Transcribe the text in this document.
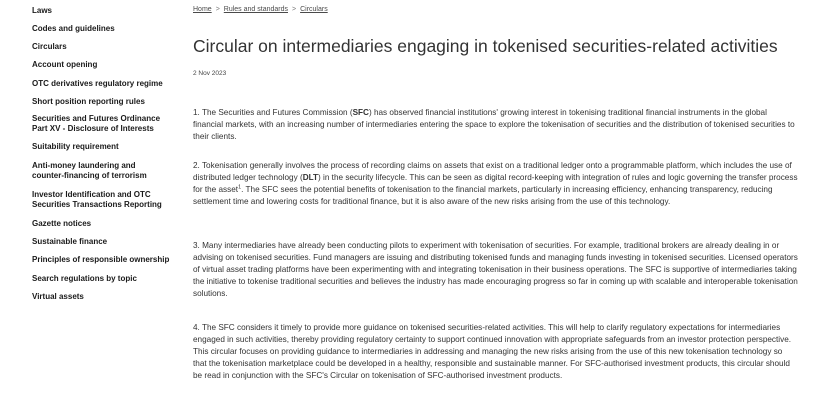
Laws
Codes and guidelines
Circulars
Account opening
OTC derivatives regulatory regime
Short position reporting rules
Securities and Futures Ordinance Part XV - Disclosure of Interests
Suitability requirement
Anti-money laundering and counter-financing of terrorism
Investor Identification and OTC Securities Transactions Reporting
Gazette notices
Sustainable finance
Principles of responsible ownership
Search regulations by topic
Virtual assets
Home > Rules and standards > Circulars
Circular on intermediaries engaging in tokenised securities-related activities
2 Nov 2023

1. The Securities and Futures Commission (SFC) has observed financial institutions' growing interest in tokenising traditional financial instruments in the global financial markets, with an increasing number of intermediaries entering the space to explore the tokenisation of securities and the distribution of tokenised securities to their clients.

2. Tokenisation generally involves the process of recording claims on assets that exist on a traditional ledger onto a programmable platform, which includes the use of distributed ledger technology (DLT) in the security lifecycle. This can be seen as digital record-keeping with integration of rules and logic governing the transfer process for the asset$^1$. The SFC sees the potential benefits of tokenisation to the financial markets, particularly in increasing efficiency, enhancing transparency, reducing settlement time and lowering costs for traditional finance, but it is also aware of the new risks arising from the use of this technology.

3. Many intermediaries have already been conducting pilots to experiment with tokenisation of securities. For example, traditional brokers are already dealing in or advising on tokenised securities. Fund managers are issuing and distributing tokenised funds and managing funds investing in tokenised securities. Licensed operators of virtual asset trading platforms have been experimenting with and integrating tokenisation in their business operations. The SFC is supportive of intermediaries taking the initiative to tokenise traditional securities and believes the industry has made encouraging progress so far in coming up with scalable and interoperable tokenisation solutions.

4. The SFC considers it timely to provide more guidance on tokenised securities-related activities. This will help to clarify regulatory expectations for intermediaries engaged in such activities, thereby providing regulatory certainty to support continued innovation with appropriate safeguards from an investor protection perspective. This circular focuses on providing guidance to intermediaries in addressing and managing the new risks arising from the use of this new tokenisation technology so that the tokenisation marketplace could be developed in a healthy, responsible and sustainable manner. For SFC-authorised investment products, this circular should be read in conjunction with the SFC's Circular on tokenisation of SFC-authorised investment products.
